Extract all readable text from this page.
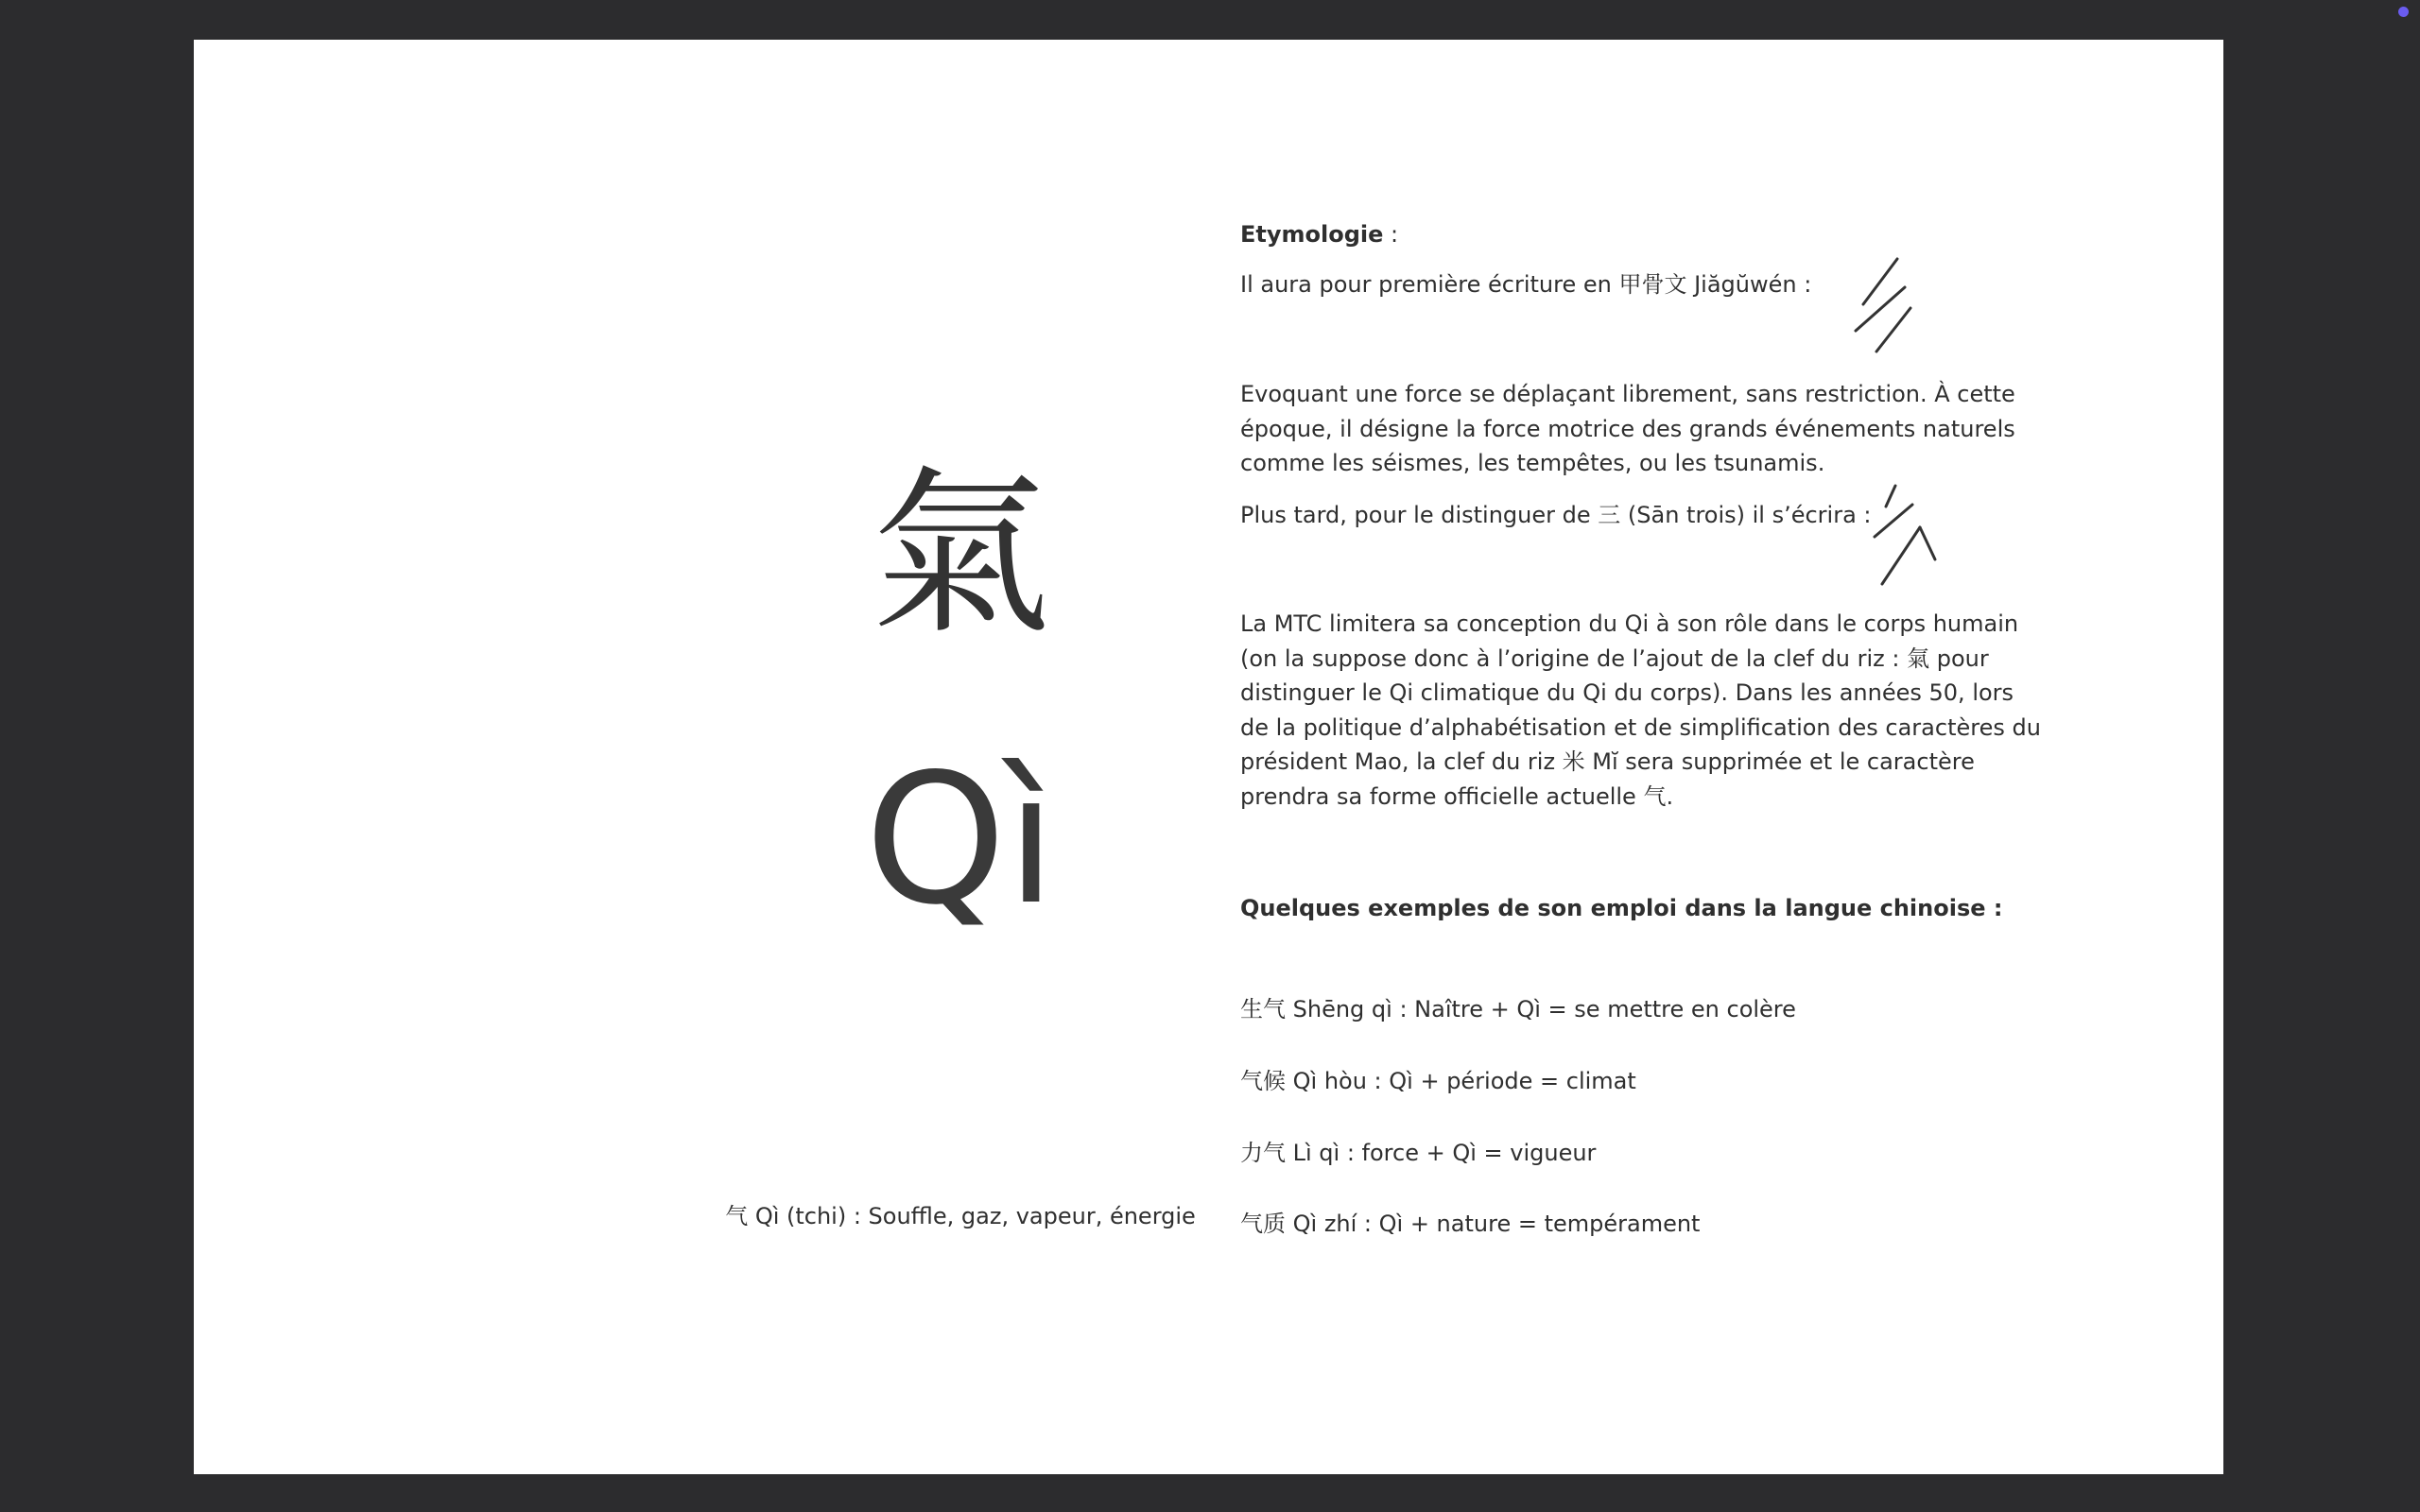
氣
Qì
气 Qì (tchi) : Souffle, gaz, vapeur, énergie
Etymologie :
Il aura pour première écriture en 甲骨文 Jiăgŭwén :
Evoquant une force se déplaçant librement, sans restriction. À cette époque, il désigne la force motrice des grands événements naturels comme les séismes, les tempêtes, ou les tsunamis.
Plus tard, pour le distinguer de 三 (Sān trois) il s’écrira :
La MTC limitera sa conception du Qi à son rôle dans le corps humain (on la suppose donc à l’origine de l’ajout de la clef du riz : 氣 pour distinguer le Qi climatique du Qi du corps). Dans les années 50, lors de la politique d’alphabétisation et de simplification des caractères du président Mao, la clef du riz 米 Mĭ sera supprimée et le caractère prendra sa forme officielle actuelle 气.
Quelques exemples de son emploi dans la langue chinoise :
生气 Shēng qì : Naître + Qì = se mettre en colère
气候 Qì hòu : Qì + période = climat
力气 Lì qì : force + Qì = vigueur
气质 Qì zhí : Qì + nature = tempérament
